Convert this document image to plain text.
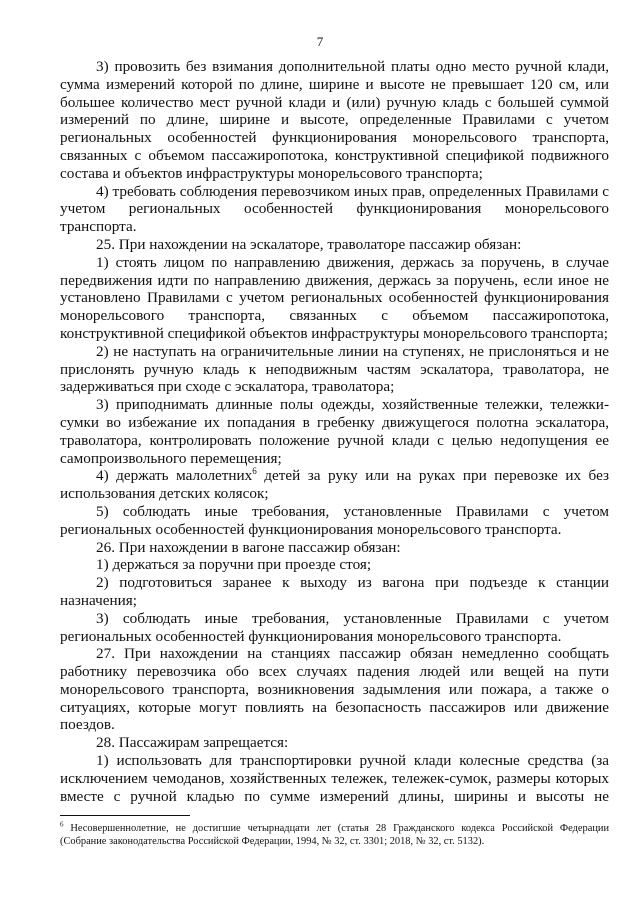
7

3) провозить без взимания дополнительной платы одно место ручной клади, сумма измерений которой по длине, ширине и высоте не превышает 120 см, или большее количество мест ручной клади и (или) ручную кладь с большей суммой измерений по длине, ширине и высоте, определенные Правилами с учетом региональных особенностей функционирования монорельсового транспорта, связанных с объемом пассажиропотока, конструктивной спецификой подвижного состава и объектов инфраструктуры монорельсового транспорта;

4) требовать соблюдения перевозчиком иных прав, определенных Правилами с учетом региональных особенностей функционирования монорельсового транспорта.

25. При нахождении на эскалаторе, траволаторе пассажир обязан:

1) стоять лицом по направлению движения, держась за поручень, в случае передвижения идти по направлению движения, держась за поручень, если иное не установлено Правилами с учетом региональных особенностей функционирования монорельсового транспорта, связанных с объемом пассажиропотока, конструктивной спецификой объектов инфраструктуры монорельсового транспорта;

2) не наступать на ограничительные линии на ступенях, не прислоняться и не прислонять ручную кладь к неподвижным частям эскалатора, траволатора, не задерживаться при сходе с эскалатора, траволатора;

3) приподнимать длинные полы одежды, хозяйственные тележки, тележки-сумки во избежание их попадания в гребенку движущегося полотна эскалатора, траволатора, контролировать положение ручной клади с целью недопущения ее самопроизвольного перемещения;

4) держать малолетних$^6$ детей за руку или на руках при перевозке их без использования детских колясок;

5) соблюдать иные требования, установленные Правилами с учетом региональных особенностей функционирования монорельсового транспорта.

26. При нахождении в вагоне пассажир обязан:

1) держаться за поручни при проезде стоя;

2) подготовиться заранее к выходу из вагона при подъезде к станции назначения;

3) соблюдать иные требования, установленные Правилами с учетом региональных особенностей функционирования монорельсового транспорта.

27. При нахождении на станциях пассажир обязан немедленно сообщать работнику перевозчика обо всех случаях падения людей или вещей на пути монорельсового транспорта, возникновения задымления или пожара, а также о ситуациях, которые могут повлиять на безопасность пассажиров или движение поездов.

28. Пассажирам запрещается:

1) использовать для транспортировки ручной клади колесные средства (за исключением чемоданов, хозяйственных тележек, тележек-сумок, размеры которых вместе с ручной кладью по сумме измерений длины, ширины и высоты не

$^6$ Несовершеннолетние, не достигшие четырнадцати лет (статья 28 Гражданского кодекса Российской Федерации (Собрание законодательства Российской Федерации, 1994, № 32, ст. 3301; 2018, № 32, ст. 5132).
